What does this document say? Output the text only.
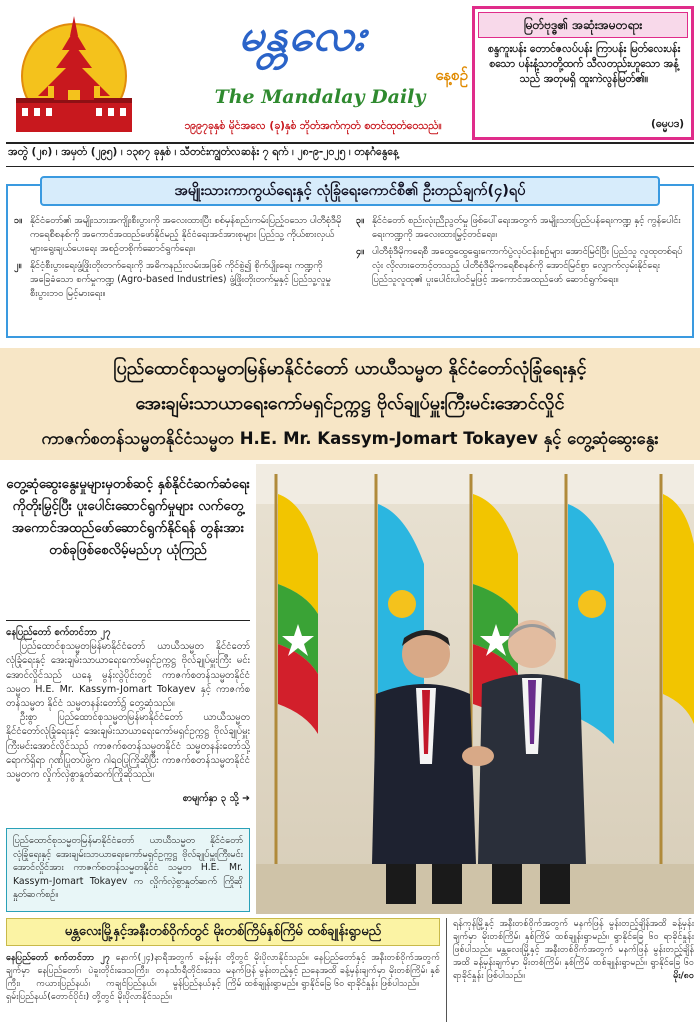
မန္တလေး
နေ့စဉ်
The Mandalay Daily
၁၉၉၇ခုနှစ် မိုင်အလေ (ခု)နှစ် ဘိုတ်အက်ကုတ် စတင်ထုတ်ဝေသည်။
မြတ်ဗုဒ္ဓ၏ အဆုံးအမတရား
စန္ဒကူးပန်း တောင်ဇလပ်ပန်း ကြာပန်း မြတ်လေးပန်း စသော ပန်းနံ့သာတို့ထက် သီလတည်းဟူသော အနံ့သည် အတုမရှိ ထူးကဲလွန်မြတ်၏။
(ဓမ္မပဒ)
အတွဲ (၂၈) ၊ အမှတ် (၂၉၅) ၊ ၁၃၈၇ ခုနှစ် ၊ သီတင်းကျွတ်လဆန်း ၇ ရက် ၊ ၂၈-၉-၂၀၂၅ ၊ တနင်္ဂနွေနေ့
အမျိုးသားကာကွယ်ရေးနှင့် လုံခြုံရေးကောင်စီ၏ ဦးတည်ချက်(၄)ရပ်
၁။ နိုင်ငံတော်၏ အမျိုးသားအကျိုးစီးပွားကို အလေးထားပြီး စစ်မှန်စည်းကမ်းပြည့်ဝသော ပါတီစုံဒီမိုကရေစီစနစ်ကို အကောင်အထည်ဖော်နိုင်မည့် နိုင်ငံရေးအင်အားစုများ ပြည်သူ့ ကိုယ်စားလှယ်များရွေးချယ်ပေးရေး အစဉ်တစိုက်ဆောင်ရွက်ရေး။
၂။ နိုင်ငံ့စီးပွားရေးဖွံ့ဖြိုးတိုးတက်ရေးကို အဓိကနည်းလမ်းအဖြစ် ကိုင်စွဲ၍ စိုက်ပျိုးရေး ကဏ္ဍကို အခြေခံသော စက်မှုကဏ္ဍ (Agro-based Industries) ဖွံ့ဖြိုးတိုးတက်မှုနှင့် ပြည်သူ့လူမှုစီးပွားဘဝ မြင့်မားရေး။
၃။ နိုင်ငံတော် စည်းလုံးညီညွတ်မှု ဖြစ်ပေါ်ရေးအတွက် အမျိုးသားပြည်ပန်ရေးကဏ္ဍ နှင့် ကွန်ပေါင်းရေးကဏ္ဍကို အလေးထားမြှင့်တင်ရေး။
၄။ ပါတီစုံဒီမိုကရေစီ အထွေထွေရွေးကောက်ပွဲလုပ်ငန်းစဉ်များ အောင်မြင်ပြီး ပြည်သူ လူထုတစ်ရပ်လုံး လိုလားတောင့်တသည့် ပါတီစုံဒီမိုကရေစီစနစ်ကို အောင်မြင်စွာ လျှောက်လှမ်းနိုင်ရေး ပြည်သူလူထု၏ ပူးပေါင်းပါဝင်မှုဖြင့် အကောင်အထည်ဖော် ဆောင်ရွက်ရေး။
ပြည်ထောင်စုသမ္မတမြန်မာနိုင်ငံတော် ယာယီသမ္မတ နိုင်ငံတော်လုံခြုံရေးနှင့်
အေးချမ်းသာယာရေးကော်မရှင်ဥက္ကဋ္ဌ ဗိုလ်ချုပ်မှူးကြီးမင်းအောင်လှိုင်
ကာဇက်စတန်သမ္မတနိုင်ငံသမ္မတ H.E. Mr. Kassym-Jomart Tokayev နှင့် တွေ့ဆုံဆွေးနွေး
တွေ့ဆုံဆွေးနွေးမှုများမှတစ်ဆင့် နှစ်နိုင်ငံဆက်ဆံရေးကိုတိုးမြှင့်ပြီး ပူးပေါင်းဆောင်ရွက်မှုများ လက်တွေ့အကောင်အထည်ဖော်ဆောင်ရွက်နိုင်ရန် တွန်းအားတစ်ခုဖြစ်စေလိမ့်မည်ဟု ယုံကြည်
နေပြည်တော် စက်တင်ဘာ ၂၇
ပြည်ထောင်စုသမ္မတမြန်မာနိုင်ငံတော် ယာယီသမ္မတ နိုင်ငံတော် လုံခြုံရေးနှင့် အေးချမ်းသာယာရေးကော်မရှင်ဥက္ကဋ္ဌ ဗိုလ်ချုပ်မှူးကြီး မင်းအောင်လှိုင်သည် ယနေ့ မွန်းလွဲပိုင်းတွင် ကာဇက်စတန်သမ္မတနိုင်ငံ သမ္မတ H.E. Mr. Kassym-Jomart Tokayev နှင့် ကာဇက်စတန်သမ္မတ နိုင်ငံ သမ္မတနန်းတော်၌ တွေ့ဆုံသည်။
ဦးစွာ ပြည်ထောင်စုသမ္မတမြန်မာနိုင်ငံတော် ယာယီသမ္မတ နိုင်ငံတော်လုံခြုံရေးနှင့် အေးချမ်းသာယာရေးကော်မရှင်ဥက္ကဋ္ဌ ဗိုလ်ချုပ်မှူးကြီးမင်းအောင်လှိုင်သည် ကာဇက်စတန်သမ္မတနိုင်ငံ သမ္မတနန်းတော်သို့ ရောက်ရှိရာ ဂုဏ်ပြုတပ်ဖွဲ့က ဂါရဝပြုကြိုဆိုပြီး ကာဇက်စတန်သမ္မတနိုင်ငံ သမ္မတက လှိုက်လှဲစွာနှုတ်ဆက်ကြိုဆိုသည်။
စာမျက်နှာ ၃ သို့ ➜
ပြည်ထောင်စုသမ္မတမြန်မာနိုင်ငံတော် ယာယီသမ္မတ နိုင်ငံတော်လုံခြုံရေးနှင့် အေးချမ်းသာယာရေးကော်မရှင်ဥက္ကဋ္ဌ ဗိုလ်ချုပ်မှူးကြီးမင်းအောင်လှိုင်အား ကာဇက်စတန်သမ္မတနိုင်ငံ သမ္မတ H.E. Mr. Kassym-Jomart Tokayev က လှိုက်လှဲစွာနှုတ်ဆက် ကြိုဆိုနှုတ်ဆက်စဉ်။
မန္တလေးမြို့နှင့်အနီးတစ်ဝိုက်တွင် မိုးတစ်ကြိမ်နှစ်ကြိမ် ထစ်ချုန်းရွာမည်
နေပြည်တော် စက်တင်ဘာ ၂၇ နောက်(၂၄)နာရီအတွက် ခန့်မှန်းချက်မှာ နေပြည်တော်၊ ပဲခူးတိုင်းဒေသကြီး၊ တနင်္သာရီတိုင်းဒေသကြီး၊ ကယားပြည်နယ်၊ ကချင်ပြည်နယ်၊ မွန်ပြည်နယ်နှင့် ရှမ်းပြည်နယ်(တောင်ပိုင်း) တို့တွင် မိုးပိုလာနိုင်သည်။
တို့တွင် မိုးပိုလာနိုင်သည်။ နေပြည်တော်နှင့် အနီးတစ်ဝိုက်အတွက် မနက်ဖြန် မွန်းတည့်နှင့် ညနေအထိ ခန့်မှန်းချက်မှာ မိုးတစ်ကြိမ်၊ နှစ်ကြိမ် ထစ်ချုန်းရွာမည်။ ရွာနိုင်ခြေ ၆၀ ရာခိုင်နှုန်း ဖြစ်ပါသည်။
ရန်ကုန်မြို့နှင့် အနီးတစ်ဝိုက်အတွက် မနက်ဖြန် မွန်းတည့်ချိန်အထိ ခန့်မှန်းချက်မှာ မိုးတစ်ကြိမ်၊ နှစ်ကြိမ် ထစ်ချုန်းရွာမည်။ ရွာနိုင်ခြေ ၆၀ ရာခိုင်နှုန်း ဖြစ်ပါသည်။ မန္တလေးမြို့နှင့် အနီးတစ်ဝိုက်အတွက် မနက်ဖြန် မွန်းတည့်ချိန်အထိ ခန့်မှန်းချက်မှာ မိုးတစ်ကြိမ်၊ နှစ်ကြိမ် ထစ်ချုန်းရွာမည်။ ရွာနိုင်ခြေ ၆၀ ရာခိုင်နှုန်း ဖြစ်ပါသည်။	မိုး/၈၀
